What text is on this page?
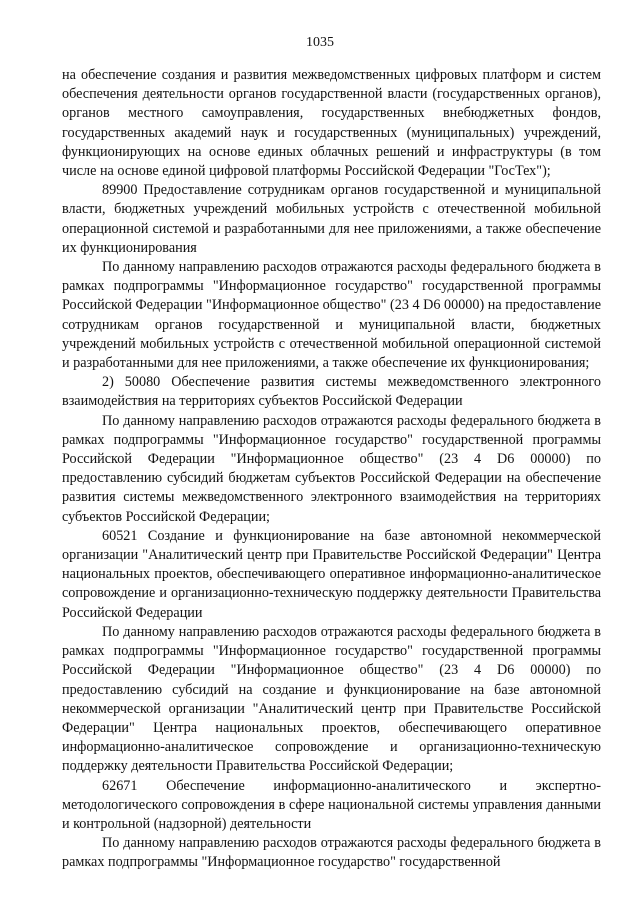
1035

на обеспечение создания и развития межведомственных цифровых платформ и систем обеспечения деятельности органов государственной власти (государственных органов), органов местного самоуправления, государственных внебюджетных фондов, государственных академий наук и государственных (муниципальных) учреждений, функционирующих на основе единых облачных решений и инфраструктуры (в том числе на основе единой цифровой платформы Российской Федерации "ГосТех");

89900 Предоставление сотрудникам органов государственной и муниципальной власти, бюджетных учреждений мобильных устройств с отечественной мобильной операционной системой и разработанными для нее приложениями, а также обеспечение их функционирования

По данному направлению расходов отражаются расходы федерального бюджета в рамках подпрограммы "Информационное государство" государственной программы Российской Федерации "Информационное общество" (23 4 D6 00000) на предоставление сотрудникам органов государственной и муниципальной власти, бюджетных учреждений мобильных устройств с отечественной мобильной операционной системой и разработанными для нее приложениями, а также обеспечение их функционирования;

2) 50080 Обеспечение развития системы межведомственного электронного взаимодействия на территориях субъектов Российской Федерации

По данному направлению расходов отражаются расходы федерального бюджета в рамках подпрограммы "Информационное государство" государственной программы Российской Федерации "Информационное общество" (23 4 D6 00000) по предоставлению субсидий бюджетам субъектов Российской Федерации на обеспечение развития системы межведомственного электронного взаимодействия на территориях субъектов Российской Федерации;

60521 Создание и функционирование на базе автономной некоммерческой организации "Аналитический центр при Правительстве Российской Федерации" Центра национальных проектов, обеспечивающего оперативное информационно-аналитическое сопровождение и организационно-техническую поддержку деятельности Правительства Российской Федерации

По данному направлению расходов отражаются расходы федерального бюджета в рамках подпрограммы "Информационное государство" государственной программы Российской Федерации "Информационное общество" (23 4 D6 00000) по предоставлению субсидий на создание и функционирование на базе автономной некоммерческой организации "Аналитический центр при Правительстве Российской Федерации" Центра национальных проектов, обеспечивающего оперативное информационно-аналитическое сопровождение и организационно-техническую поддержку деятельности Правительства Российской Федерации;

62671 Обеспечение информационно-аналитического и экспертно-методологического сопровождения в сфере национальной системы управления данными и контрольной (надзорной) деятельности

По данному направлению расходов отражаются расходы федерального бюджета в рамках подпрограммы "Информационное государство" государственной
